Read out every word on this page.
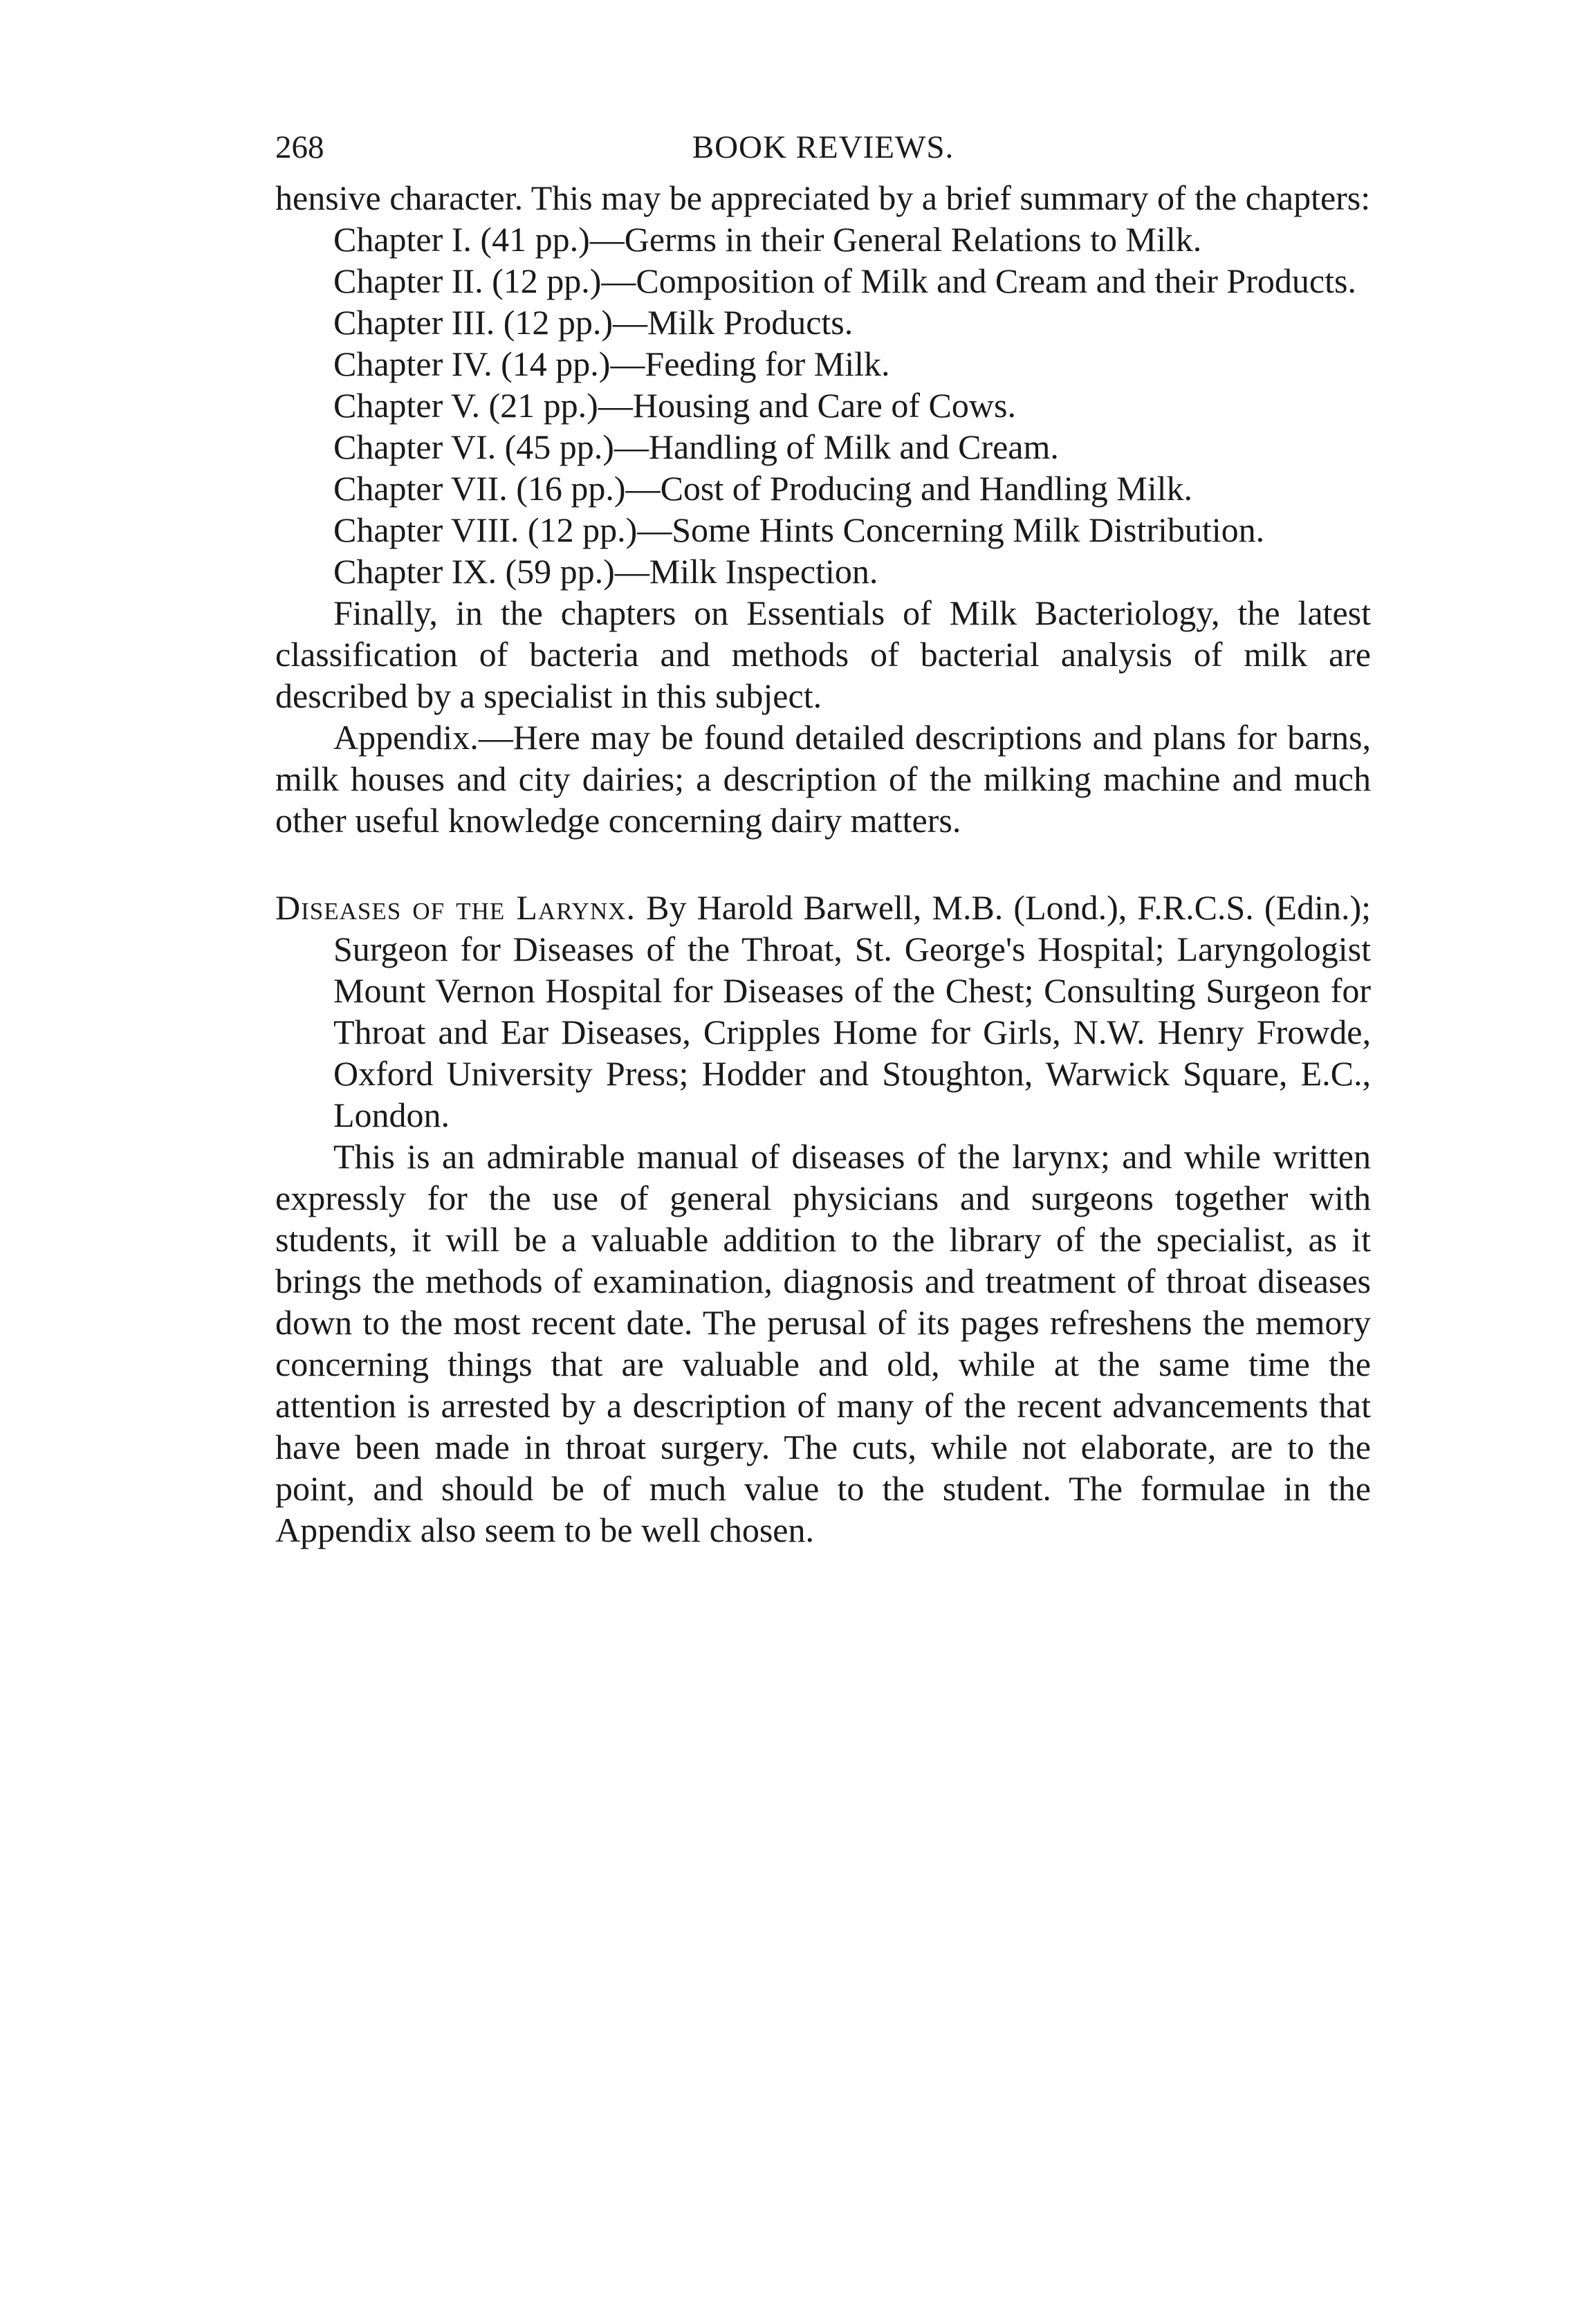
268	BOOK REVIEWS.

hensive character. This may be appreciated by a brief summary of the chapters:

Chapter I. (41 pp.)—Germs in their General Relations to Milk.

Chapter II. (12 pp.)—Composition of Milk and Cream and their Products.

Chapter III. (12 pp.)—Milk Products.

Chapter IV. (14 pp.)—Feeding for Milk.

Chapter V. (21 pp.)—Housing and Care of Cows.

Chapter VI. (45 pp.)—Handling of Milk and Cream.

Chapter VII. (16 pp.)—Cost of Producing and Handling Milk.

Chapter VIII. (12 pp.)—Some Hints Concerning Milk Distribution.

Chapter IX. (59 pp.)—Milk Inspection.

Finally, in the chapters on Essentials of Milk Bacteriology, the latest classification of bacteria and methods of bacterial analysis of milk are described by a specialist in this subject.

Appendix.—Here may be found detailed descriptions and plans for barns, milk houses and city dairies; a description of the milking machine and much other useful knowledge concerning dairy matters.

Diseases of the Larynx. By Harold Barwell, M.B. (Lond.), F.R.C.S. (Edin.); Surgeon for Diseases of the Throat, St. George's Hospital; Laryngologist Mount Vernon Hospital for Diseases of the Chest; Consulting Surgeon for Throat and Ear Diseases, Cripples Home for Girls, N.W. Henry Frowde, Oxford University Press; Hodder and Stoughton, Warwick Square, E.C., London.

This is an admirable manual of diseases of the larynx; and while written expressly for the use of general physicians and surgeons together with students, it will be a valuable addition to the library of the specialist, as it brings the methods of examination, diagnosis and treatment of throat diseases down to the most recent date. The perusal of its pages refreshens the memory concerning things that are valuable and old, while at the same time the attention is arrested by a description of many of the recent advancements that have been made in throat surgery. The cuts, while not elaborate, are to the point, and should be of much value to the student. The formulae in the Appendix also seem to be well chosen.
